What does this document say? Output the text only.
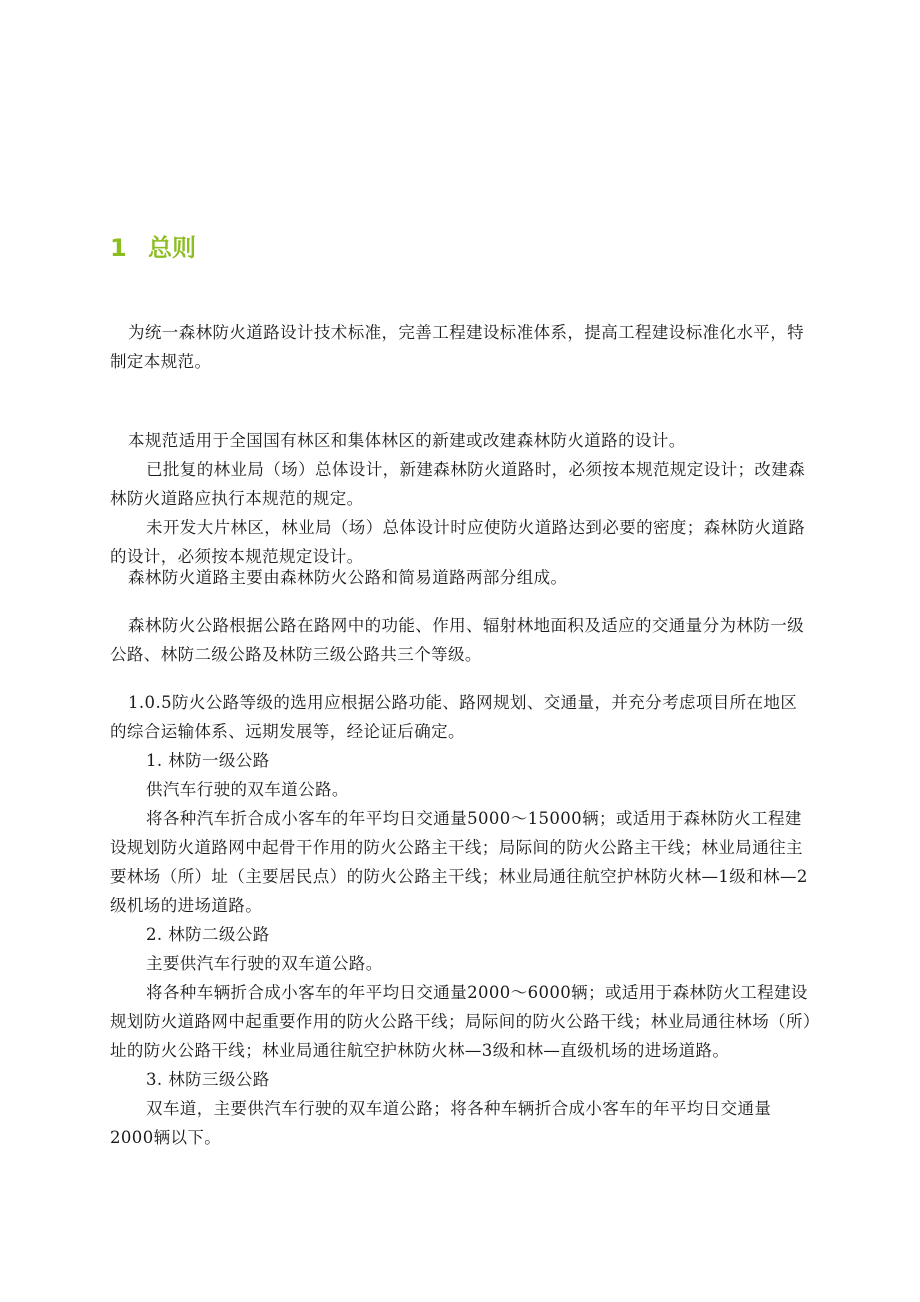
1 总则

为统一森林防火道路设计技术标准，完善工程建设标准体系，提高工程建设标准化水平，特制定本规范。

本规范适用于全国国有林区和集体林区的新建或改建森林防火道路的设计。

已批复的林业局（场）总体设计，新建森林防火道路时，必须按本规范规定设计；改建森林防火道路应执行本规范的规定。

未开发大片林区，林业局（场）总体设计时应使防火道路达到必要的密度；森林防火道路的设计，必须按本规范规定设计。

森林防火道路主要由森林防火公路和简易道路两部分组成。

森林防火公路根据公路在路网中的功能、作用、辐射林地面积及适应的交通量分为林防一级公路、林防二级公路及林防三级公路共三个等级。

1.0.5防火公路等级的选用应根据公路功能、路网规划、交通量，并充分考虑项目所在地区的综合运输体系、远期发展等，经论证后确定。

1. 林防一级公路

供汽车行驶的双车道公路。

将各种汽车折合成小客车的年平均日交通量5000～15000辆；或适用于森林防火工程建设规划防火道路网中起骨干作用的防火公路主干线；局际间的防火公路主干线；林业局通往主要林场（所）址（主要居民点）的防火公路主干线；林业局通往航空护林防火林—1级和林—2级机场的进场道路。

2. 林防二级公路

主要供汽车行驶的双车道公路。

将各种车辆折合成小客车的年平均日交通量2000～6000辆；或适用于森林防火工程建设规划防火道路网中起重要作用的防火公路干线；局际间的防火公路干线；林业局通往林场（所）址的防火公路干线；林业局通往航空护林防火林—3级和林—直级机场的进场道路。

3. 林防三级公路

双车道，主要供汽车行驶的双车道公路；将各种车辆折合成小客车的年平均日交通量2000辆以下。
